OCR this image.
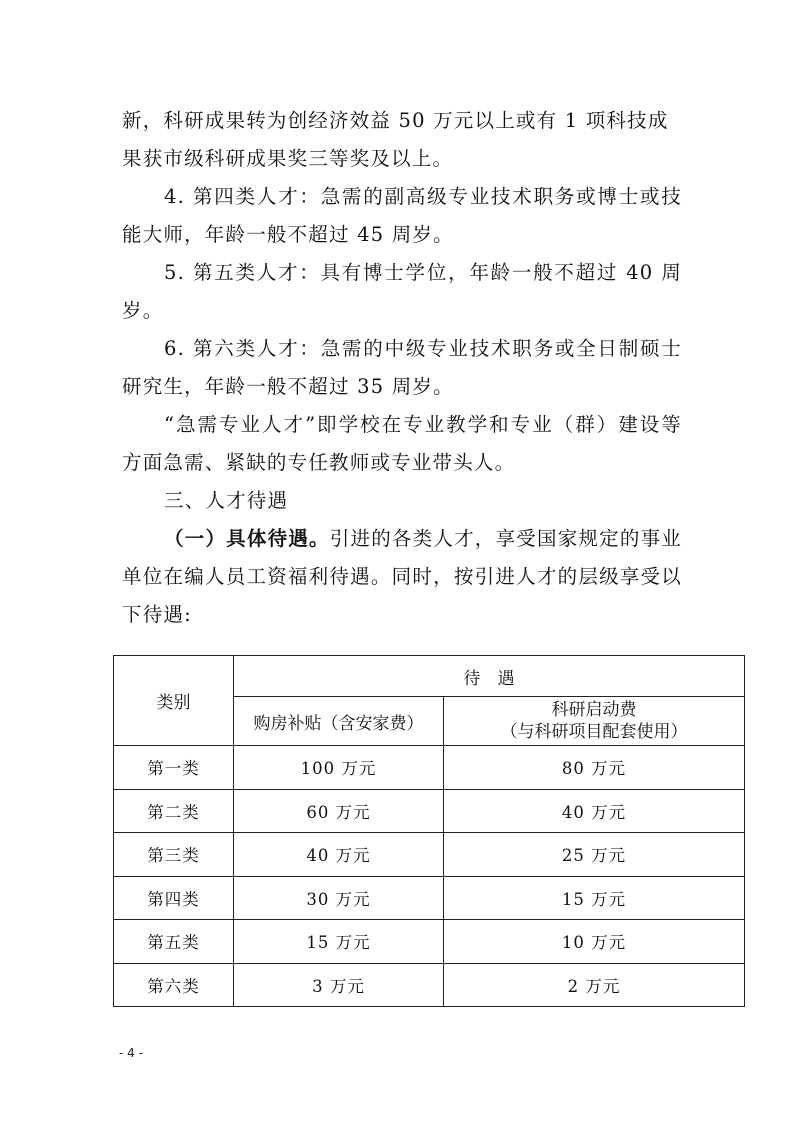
新，科研成果转为创经济效益 50 万元以上或有 1 项科技成
果获市级科研成果奖三等奖及以上。

4. 第四类人才：急需的副高级专业技术职务或博士或技能大师，年龄一般不超过 45 周岁。

5. 第五类人才：具有博士学位，年龄一般不超过 40 周岁。

6. 第六类人才：急需的中级专业技术职务或全日制硕士研究生，年龄一般不超过 35 周岁。

“急需专业人才”即学校在专业教学和专业（群）建设等方面急需、紧缺的专任教师或专业带头人。

三、人才待遇

（一）具体待遇。引进的各类人才，享受国家规定的事业单位在编人员工资福利待遇。同时，按引进人才的层级享受以下待遇:

类别	待　遇	
	购房补贴（含安家费）	科研启动费
（与科研项目配套使用）

第一类	100 万元	80 万元
第二类	60 万元	40 万元
第三类	40 万元	25 万元
第四类	30 万元	15 万元
第五类	15 万元	10 万元
第六类	3 万元	2 万元
- 4 -
